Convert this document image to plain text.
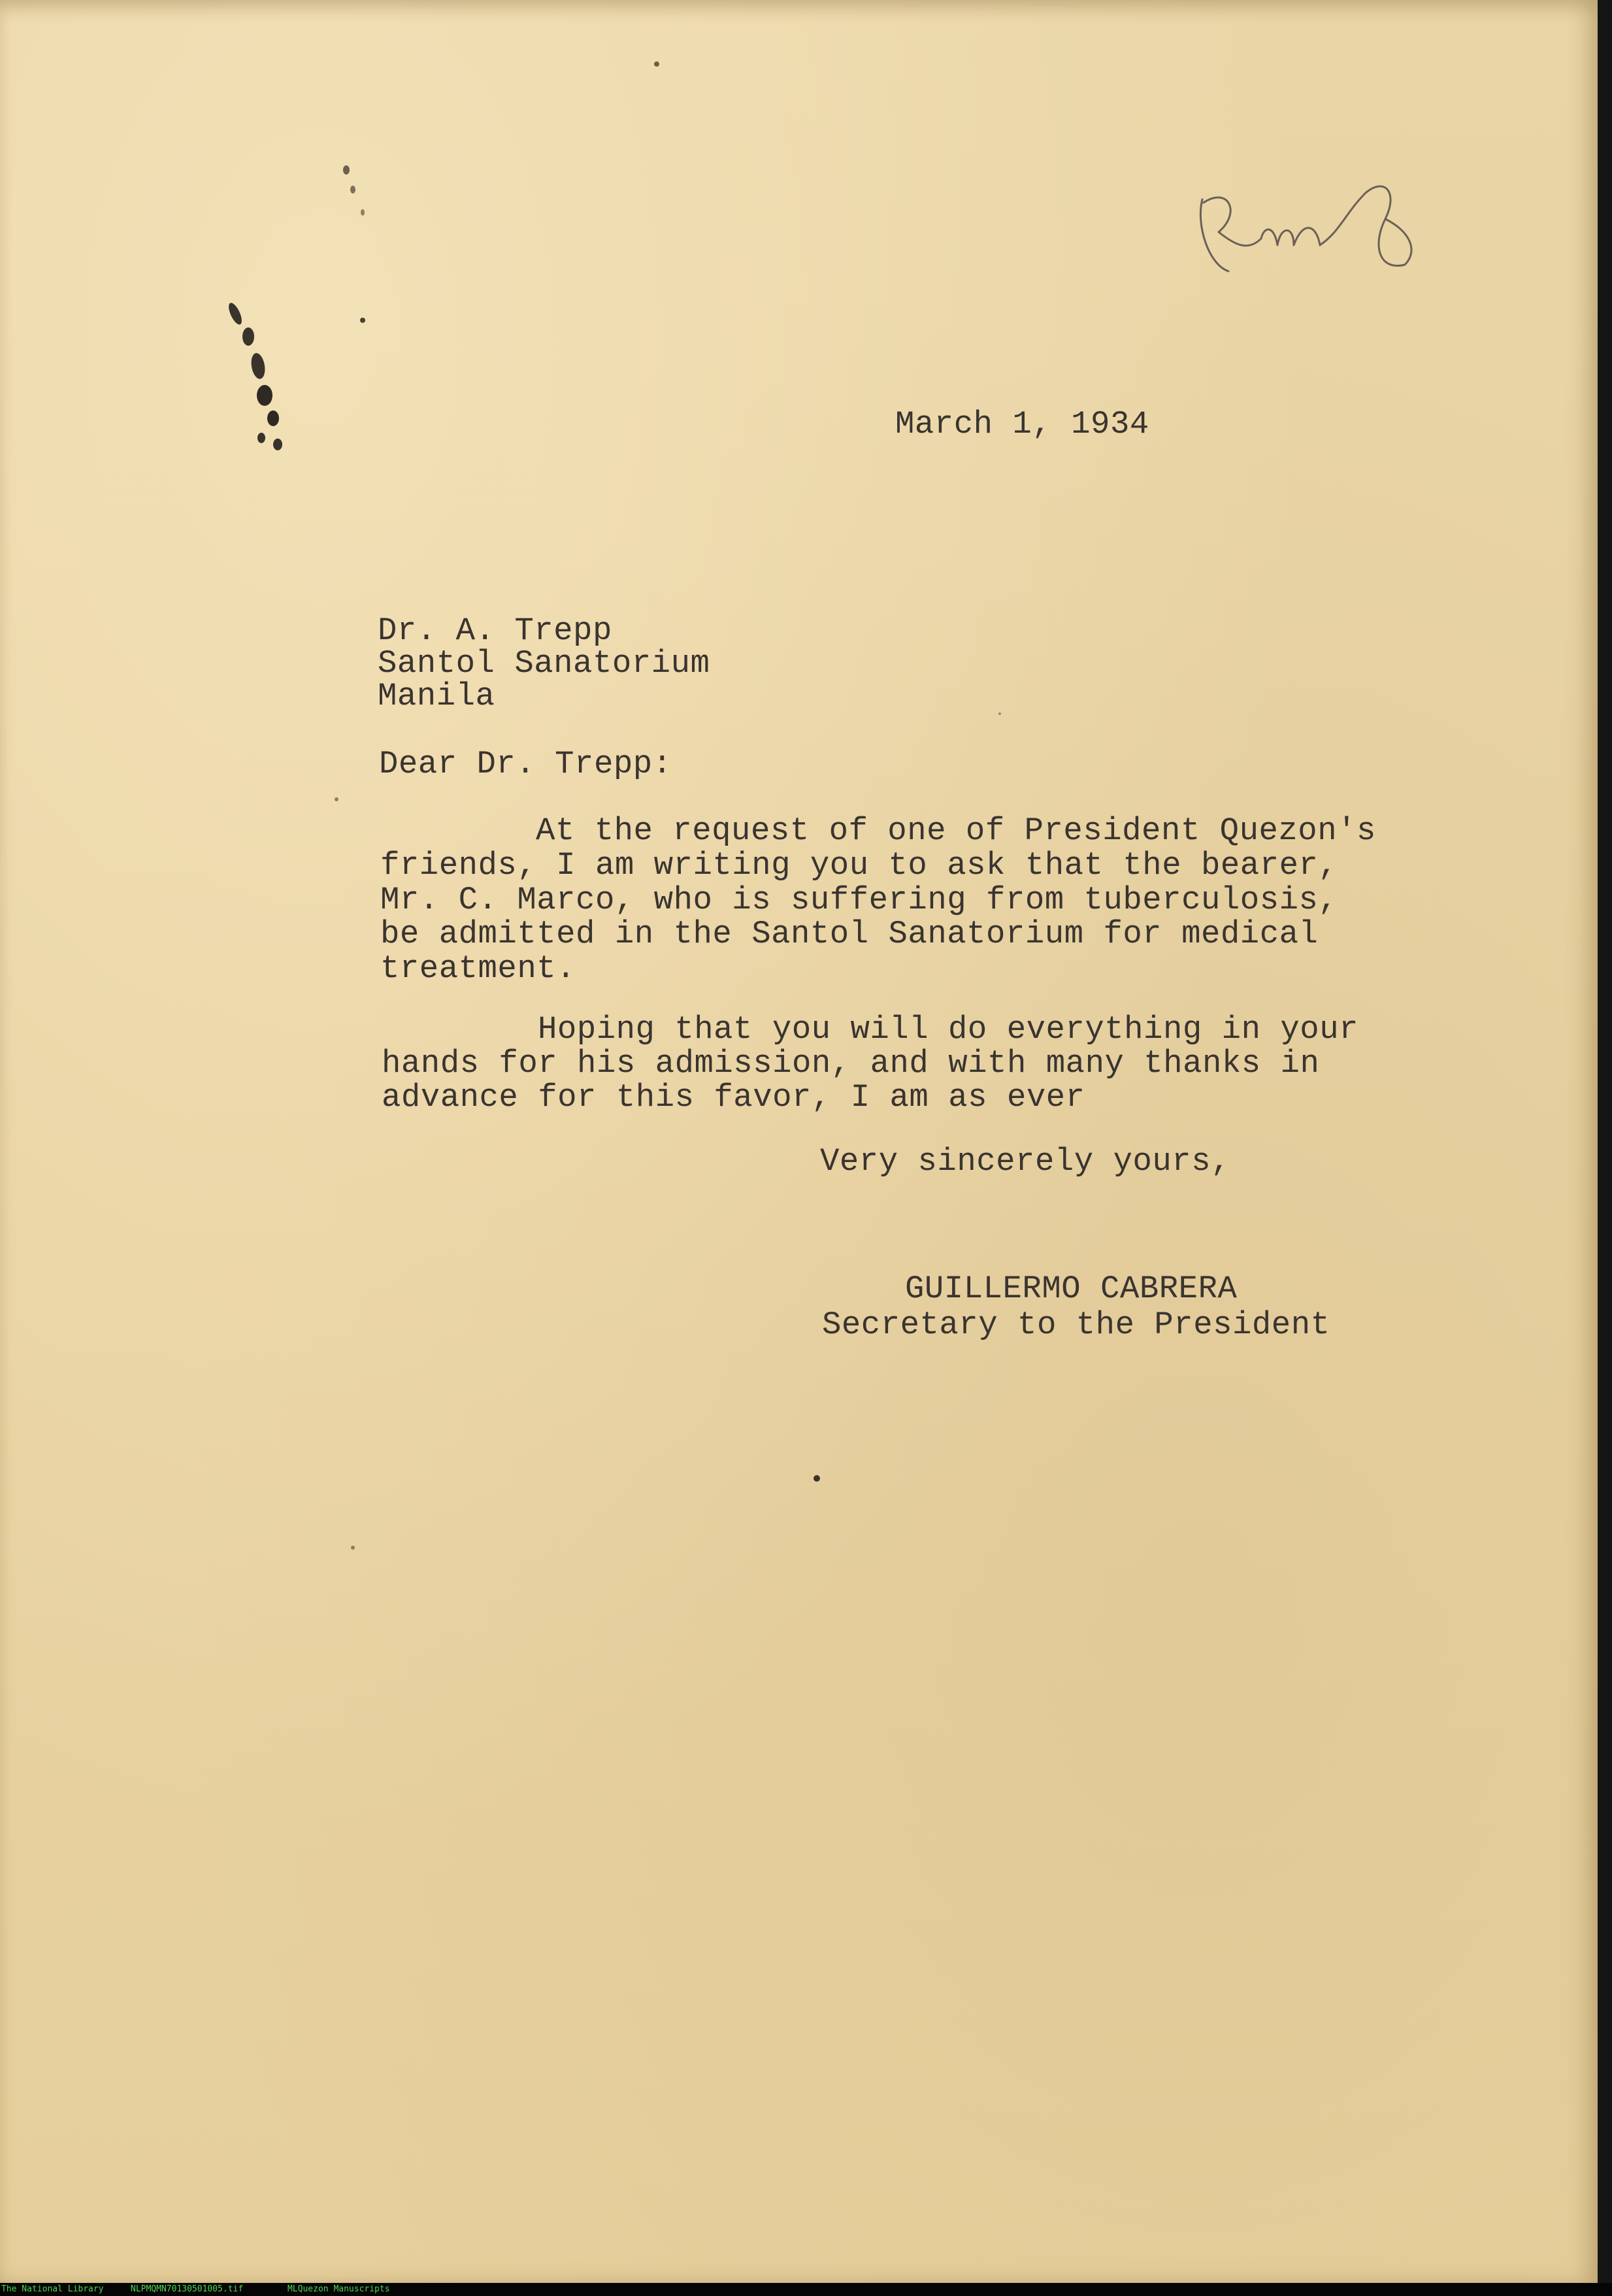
March 1, 1934
Dr. A. Trepp
Santol Sanatorium
Manila
Dear Dr. Trepp:
At the request of one of President Quezon's
friends, I am writing you to ask that the bearer,
Mr. C. Marco, who is suffering from tuberculosis,
be admitted in the Santol Sanatorium for medical
treatment.
Hoping that you will do everything in your
hands for his admission, and with many thanks in
advance for this favor, I am as ever
Very sincerely yours,
GUILLERMO CABRERA
Secretary to the President
The National Library	NLPMQMN70130501005.tif	MLQuezon Manuscripts
